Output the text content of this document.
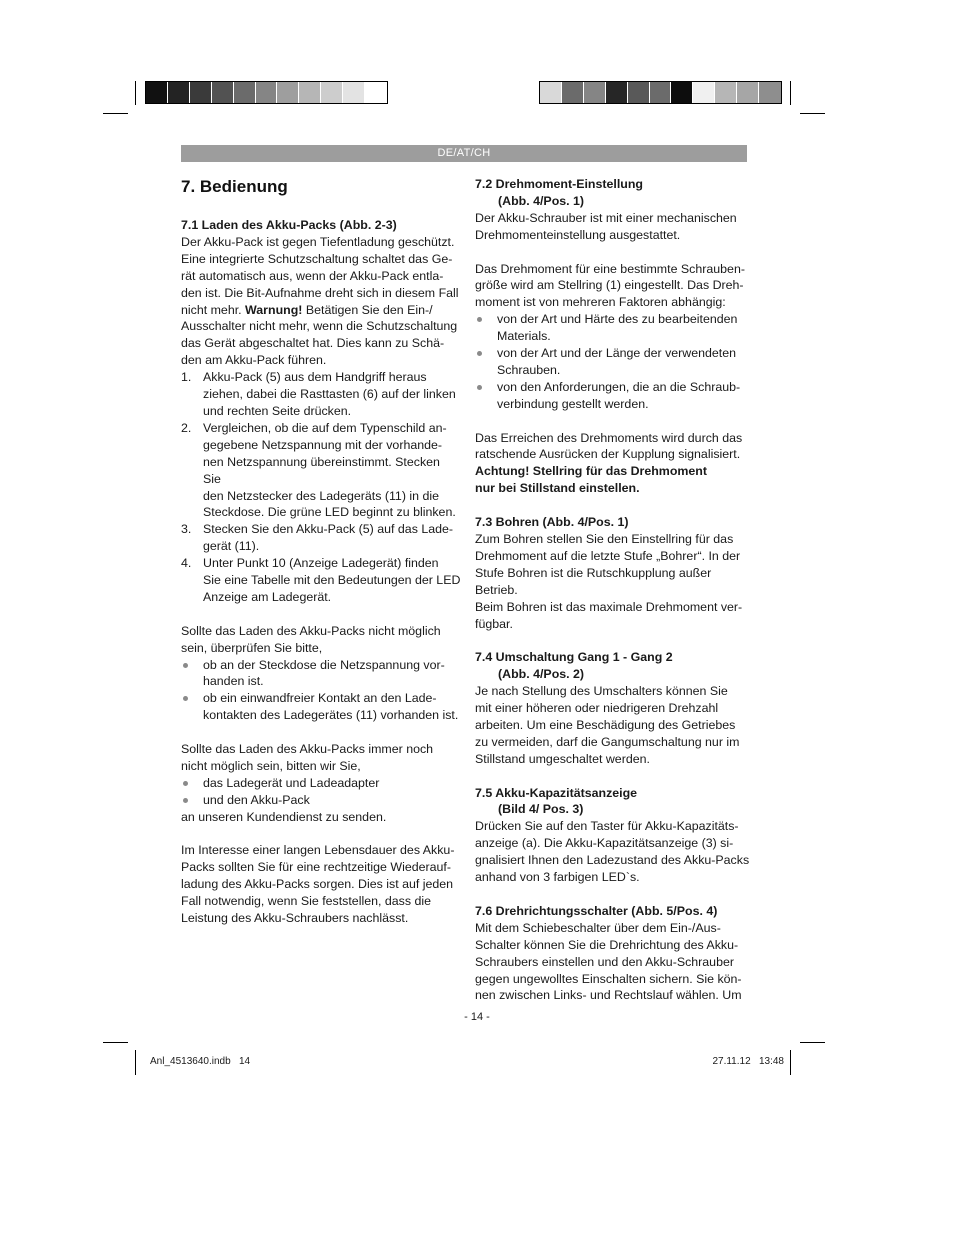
DE/AT/CH
7. Bedienung

7.1 Laden des Akku-Packs (Abb. 2-3)

Der Akku-Pack ist gegen Tiefentladung geschützt.

Eine integrierte Schutzschaltung schaltet das Ge-

rät automatisch aus, wenn der Akku-Pack entla-

den ist. Die Bit-Aufnahme dreht sich in diesem Fall

nicht mehr. Warnung! Betätigen Sie den Ein-/

Ausschalter nicht mehr, wenn die Schutzschaltung

das Gerät abgeschaltet hat. Dies kann zu Schä-

den am Akku-Pack führen.

1. Akku-Pack (5) aus dem Handgriff heraus

ziehen, dabei die Rasttasten (6) auf der linken

und rechten Seite drücken.

2. Vergleichen, ob die auf dem Typenschild an-

gegebene Netzspannung mit der vorhande-

nen Netzspannung übereinstimmt. Stecken Sie

den Netzstecker des Ladegeräts (11) in die

Steckdose. Die grüne LED beginnt zu blinken.

3. Stecken Sie den Akku-Pack (5) auf das Lade-

gerät (11).

4. Unter Punkt 10 (Anzeige Ladegerät) finden

Sie eine Tabelle mit den Bedeutungen der LED

Anzeige am Ladegerät.

Sollte das Laden des Akku-Packs nicht möglich

sein, überprüfen Sie bitte,

ob an der Steckdose die Netzspannung vor-

handen ist.

ob ein einwandfreier Kontakt an den Lade-

kontakten des Ladegerätes (11) vorhanden ist.

Sollte das Laden des Akku-Packs immer noch

nicht möglich sein, bitten wir Sie,

das Ladegerät und Ladeadapter

und den Akku-Pack

an unseren Kundendienst zu senden.

Im Interesse einer langen Lebensdauer des Akku-

Packs sollten Sie für eine rechtzeitige Wiederauf-

ladung des Akku-Packs sorgen. Dies ist auf jeden

Fall notwendig, wenn Sie feststellen, dass die

Leistung des Akku-Schraubers nachlässt.

7.2 Drehmoment-Einstellung

(Abb. 4/Pos. 1)

Der Akku-Schrauber ist mit einer mechanischen

Drehmomenteinstellung ausgestattet.

Das Drehmoment für eine bestimmte Schrauben-

größe wird am Stellring (1) eingestellt. Das Dreh-

moment ist von mehreren Faktoren abhängig:

von der Art und Härte des zu bearbeitenden

Materials.

von der Art und der Länge der verwendeten

Schrauben.

von den Anforderungen, die an die Schraub-

verbindung gestellt werden.

Das Erreichen des Drehmoments wird durch das

ratschende Ausrücken der Kupplung signalisiert.

Achtung! Stellring für das Drehmoment

nur bei Stillstand einstellen.

7.3 Bohren (Abb. 4/Pos. 1)

Zum Bohren stellen Sie den Einstellring für das

Drehmoment auf die letzte Stufe „Bohrer“. In der

Stufe Bohren ist die Rutschkupplung außer Betrieb.

Beim Bohren ist das maximale Drehmoment ver-

fügbar.

7.4 Umschaltung Gang 1 - Gang 2

(Abb. 4/Pos. 2)

Je nach Stellung des Umschalters können Sie

mit einer höheren oder niedrigeren Drehzahl

arbeiten. Um eine Beschädigung des Getriebes

zu vermeiden, darf die Gangumschaltung nur im

Stillstand umgeschaltet werden.

7.5 Akku-Kapazitätsanzeige

(Bild 4/ Pos. 3)

Drücken Sie auf den Taster für Akku-Kapazitäts-

anzeige (a). Die Akku-Kapazitätsanzeige (3) si-

gnalisiert Ihnen den Ladezustand des Akku-Packs

anhand von 3 farbigen LED`s.

7.6 Drehrichtungsschalter (Abb. 5/Pos. 4)

Mit dem Schiebeschalter über dem Ein-/Aus-

Schalter können Sie die Drehrichtung des Akku-

Schraubers einstellen und den Akku-Schrauber

gegen ungewolltes Einschalten sichern. Sie kön-

nen zwischen Links- und Rechtslauf wählen. Um

- 14 -
Anl_4513640.indb   14	27.11.12   13:48
